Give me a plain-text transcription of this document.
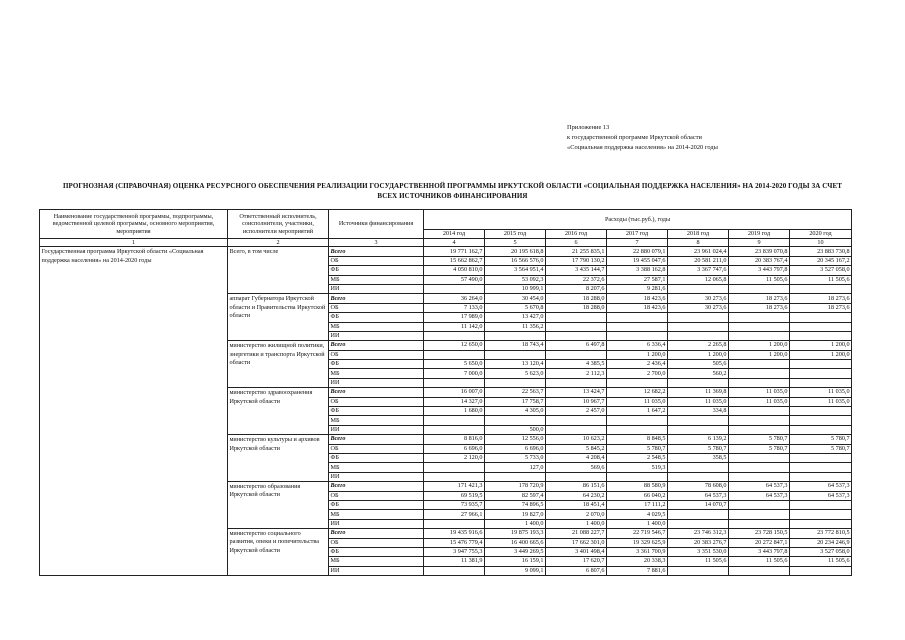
Приложение 13
к государственной программе Иркутской области
«Социальная поддержка населения» на 2014-2020 годы
ПРОГНОЗНАЯ (СПРАВОЧНАЯ) ОЦЕНКА РЕСУРСНОГО ОБЕСПЕЧЕНИЯ РЕАЛИЗАЦИИ ГОСУДАРСТВЕННОЙ ПРОГРАММЫ ИРКУТСКОЙ ОБЛАСТИ «СОЦИАЛЬНАЯ ПОДДЕРЖКА НАСЕЛЕНИЯ» НА 2014-2020 ГОДЫ ЗА СЧЕТ
ВСЕХ ИСТОЧНИКОВ ФИНАНСИРОВАНИЯ
Наименование государственной программы, подпрограммы, ведомственной целевой программы, основного мероприятия, мероприятия	Ответственный исполнитель, соисполнители, участники, исполнители мероприятий	Источники финансирования	Расходы (тыс.руб.), годы						
			2014 год	2015 год	2016 год	2017 год	2018 год	2019 год	2020 год
1	2	3	4	5	6	7	8	9	10
Государственная программа Иркутской области «Социальная поддержка населения» на 2014-2020 годы	Всего, в том числе	Всего	19 771 162,7	20 195 618,8	21 255 835,1	22 880 079,1	23 961 024,4	23 839 070,8	23 883 730,8
		ОБ	15 662 862,7	16 566 576,0	17 790 130,2	19 455 047,6	20 581 211,0	20 383 767,4	20 345 167,2
		ФБ	4 050 810,0	3 564 951,4	3 435 144,7	3 388 162,8	3 367 747,6	3 443 797,8	3 527 058,0
		МБ	57 490,0	53 092,3	22 372,6	27 587,1	12 065,8	11 505,6	11 505,6
		ИИ		10 999,1	8 207,6	9 281,6			
	аппарат Губернатора Иркутской области и Правительства Иркутской области	Всего	36 264,0	30 454,0	18 288,0	18 423,6	30 273,6	18 273,6	18 273,6
		ОБ	7 133,0	5 670,8	18 288,0	18 423,6	30 273,6	18 273,6	18 273,6
		ФБ	17 989,0	13 427,0					
		МБ	11 142,0	11 356,2					
		ИИ							
	министерство жилищной политики, энергетики и транспорта Иркутской области	Всего	12 650,0	18 743,4	6 497,8	6 336,4	2 265,8	1 200,0	1 200,0
		ОБ				1 200,0	1 200,0	1 200,0	1 200,0
		ФБ	5 650,0	13 120,4	4 385,5	2 436,4	505,6		
		МБ	7 000,0	5 623,0	2 112,3	2 700,0	560,2		
		ИИ							
	министерство здравоохранения Иркутской области	Всего	16 007,0	22 563,7	13 424,7	12 682,2	11 369,8	11 035,0	11 035,0
		ОБ	14 327,0	17 758,7	10 967,7	11 035,0	11 035,0	11 035,0	11 035,0
		ФБ	1 680,0	4 305,0	2 457,0	1 647,2	334,8		
		МБ							
		ИИ		500,0					
	министерство культуры и архивов Иркутской области	Всего	8 816,0	12 556,0	10 623,2	8 848,5	6 139,2	5 780,7	5 780,7
		ОБ	6 696,0	6 696,0	5 845,2	5 780,7	5 780,7	5 780,7	5 780,7
		ФБ	2 120,0	5 733,0	4 208,4	2 548,5	358,5		
		МБ		127,0	569,6	519,3			
		ИИ							
	министерство образования Иркутской области	Всего	171 421,3	178 720,9	86 151,6	88 580,9	78 608,0	64 537,3	64 537,3
		ОБ	69 519,5	82 597,4	64 230,2	66 040,2	64 537,3	64 537,3	64 537,3
		ФБ	73 935,7	74 896,5	18 451,4	17 111,2	14 070,7		
		МБ	27 966,1	19 827,0	2 070,0	4 029,5			
		ИИ		1 400,0	1 400,0	1 400,0			
	министерство социального развития, опеки и попечительства Иркутской области	Всего	19 435 916,6	19 875 193,3	21 088 227,7	22 719 546,7	23 746 312,3	23 728 150,5	23 772 810,5
		ОБ	15 476 779,4	16 400 665,6	17 662 301,0	19 329 625,9	20 383 276,7	20 272 847,1	20 234 246,9
		ФБ	3 947 755,3	3 449 269,5	3 401 498,4	3 361 700,9	3 351 530,0	3 443 797,8	3 527 058,0
		МБ	11 381,9	16 159,1	17 620,7	20 338,3	11 505,6	11 505,6	11 505,6
		ИИ		9 099,1	6 807,6	7 881,6			
